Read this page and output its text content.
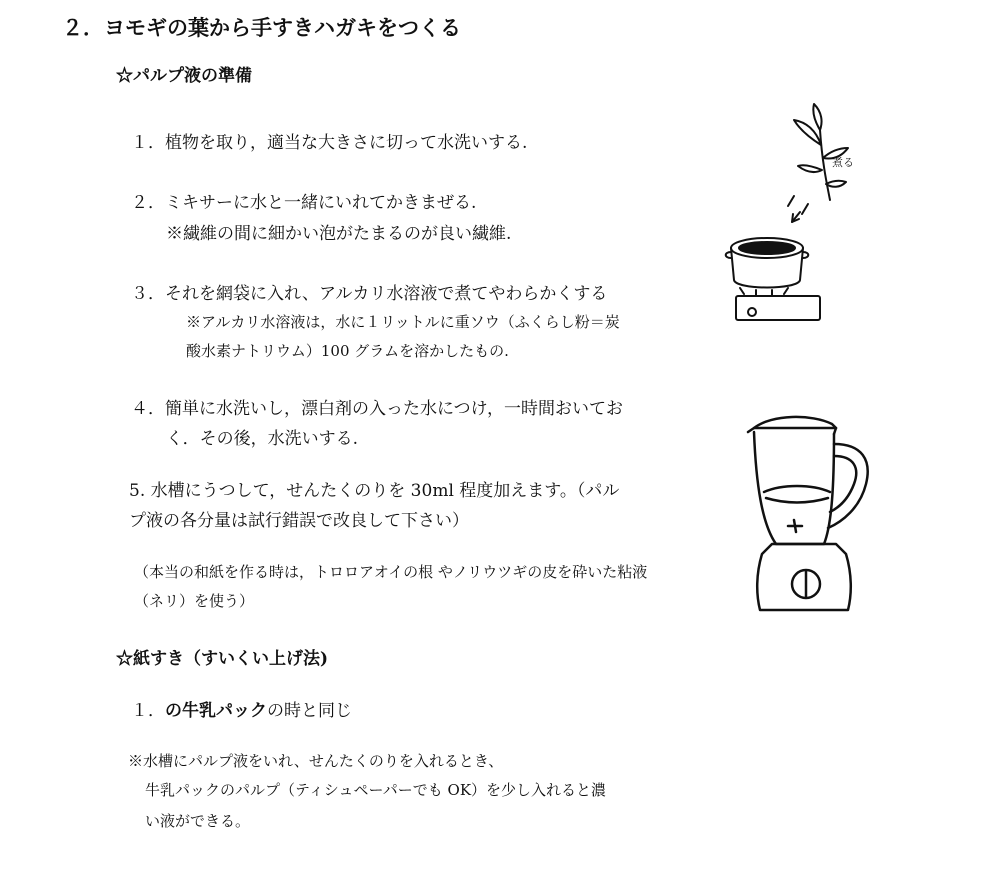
２．ヨモギの葉から手すきハガキをつくる
☆パルプ液の準備
１．植物を取り，適当な大きさに切って水洗いする.
２．ミキサーに水と一緒にいれてかきまぜる.
※繊維の間に細かい泡がたまるのが良い繊維.
３．それを網袋に入れ、アルカリ水溶液で煮てやわらかくする
※アルカリ水溶液は，水に１リットルに重ソウ（ふくらし粉＝炭
酸水素ナトリウム）100 グラムを溶かしたもの.
４．簡単に水洗いし，漂白剤の入った水につけ，一時間おいてお
く．その後，水洗いする.
5. 水槽にうつして，せんたくのりを 30ml 程度加えます。（パル
プ液の各分量は試行錯誤で改良して下さい）
（本当の和紙を作る時は，トロロアオイの根 やノリウツギの皮を砕いた粘液
（ネリ）を使う）
☆紙すき（すいくい上げ法)
１．の牛乳パックの時と同じ
※水槽にパルプ液をいれ、せんたくのりを入れるとき、
牛乳パックのパルプ（ティシュペーパーでも OK）を少し入れると濃
い液ができる。
煮る
